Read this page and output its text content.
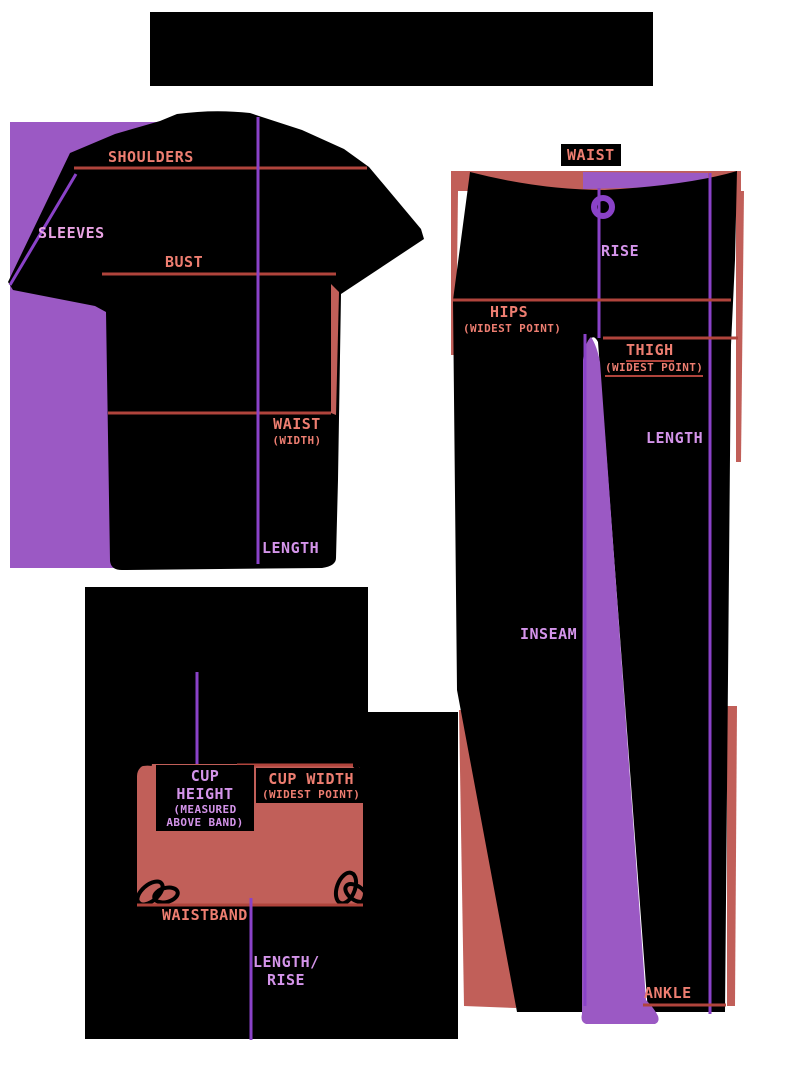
SHOULDERS
SLEEVES
BUST
WAIST
(WIDTH)
LENGTH
WAIST
RISE
HIPS
(WIDEST POINT)
THIGH
(WIDEST POINT)
LENGTH
INSEAM
ANKLE
CUP
HEIGHT
(MEASURED
ABOVE BAND)
CUP WIDTH
(WIDEST POINT)
WAISTBAND
LENGTH/
RISE
